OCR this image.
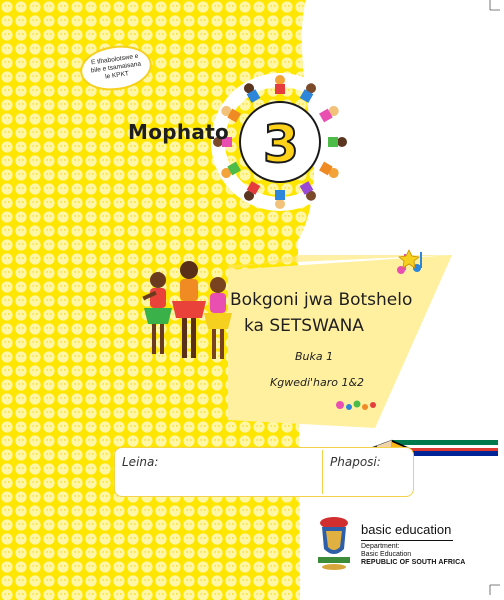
E tlhabolotswe e bile e tsamaisana le KPKT
Mophato 3
Bokgoni jwa Botshelo
ka SETSWANA
Buka 1
Kgwedi'haro 1&2
Leina:	Phaposi:
basic education
Department:
Basic Education
REPUBLIC OF SOUTH AFRICA
